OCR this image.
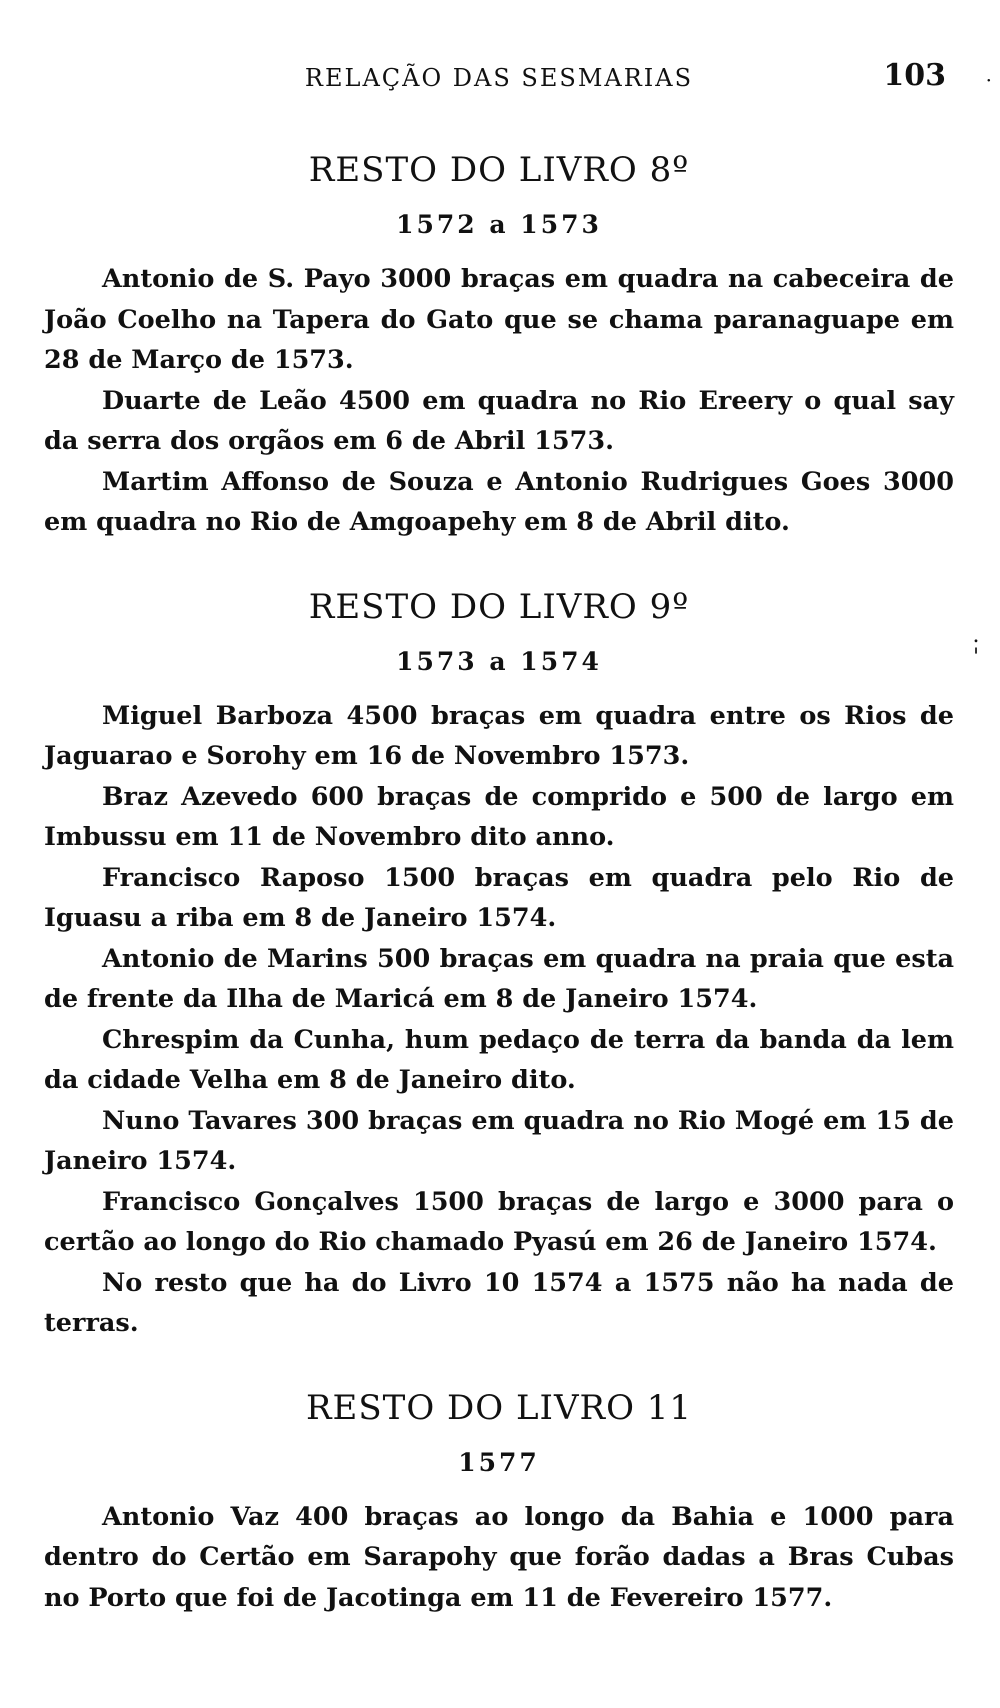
RELAÇÃO DAS SESMARIAS	103 ·
RESTO DO LIVRO 8º
1572 a 1573

Antonio de S. Payo 3000 braças em quadra na cabeceira de João Coelho na Tapera do Gato que se chama paranaguape em 28 de Março de 1573.

Duarte de Leão 4500 em quadra no Rio Ereery o qual say da serra dos orgãos em 6 de Abril 1573.

Martim Affonso de Souza e Antonio Rudrigues Goes 3000 em quadra no Rio de Amgoapehy em 8 de Abril dito.

RESTO DO LIVRO 9º
1573 a 1574

Miguel Barboza 4500 braças em quadra entre os Rios de Jaguarao e Sorohy em 16 de Novembro 1573.

Braz Azevedo 600 braças de comprido e 500 de largo em Imbussu em 11 de Novembro dito anno.

Francisco Raposo 1500 braças em quadra pelo Rio de Iguasu a riba em 8 de Janeiro 1574.

Antonio de Marins 500 braças em quadra na praia que esta de frente da Ilha de Maricá em 8 de Janeiro 1574.

Chrespim da Cunha, hum pedaço de terra da banda da lem da cidade Velha em 8 de Janeiro dito.

Nuno Tavares 300 braças em quadra no Rio Mogé em 15 de Janeiro 1574.

Francisco Gonçalves 1500 braças de largo e 3000 para o certão ao longo do Rio chamado Pyasú em 26 de Janeiro 1574.

No resto que ha do Livro 10 1574 a 1575 não ha nada de terras.

RESTO DO LIVRO 11
1577

Antonio Vaz 400 braças ao longo da Bahia e 1000 para dentro do Certão em Sarapohy que forão dadas a Bras Cubas no Porto que foi de Jacotinga em 11 de Fevereiro 1577.

.
'
